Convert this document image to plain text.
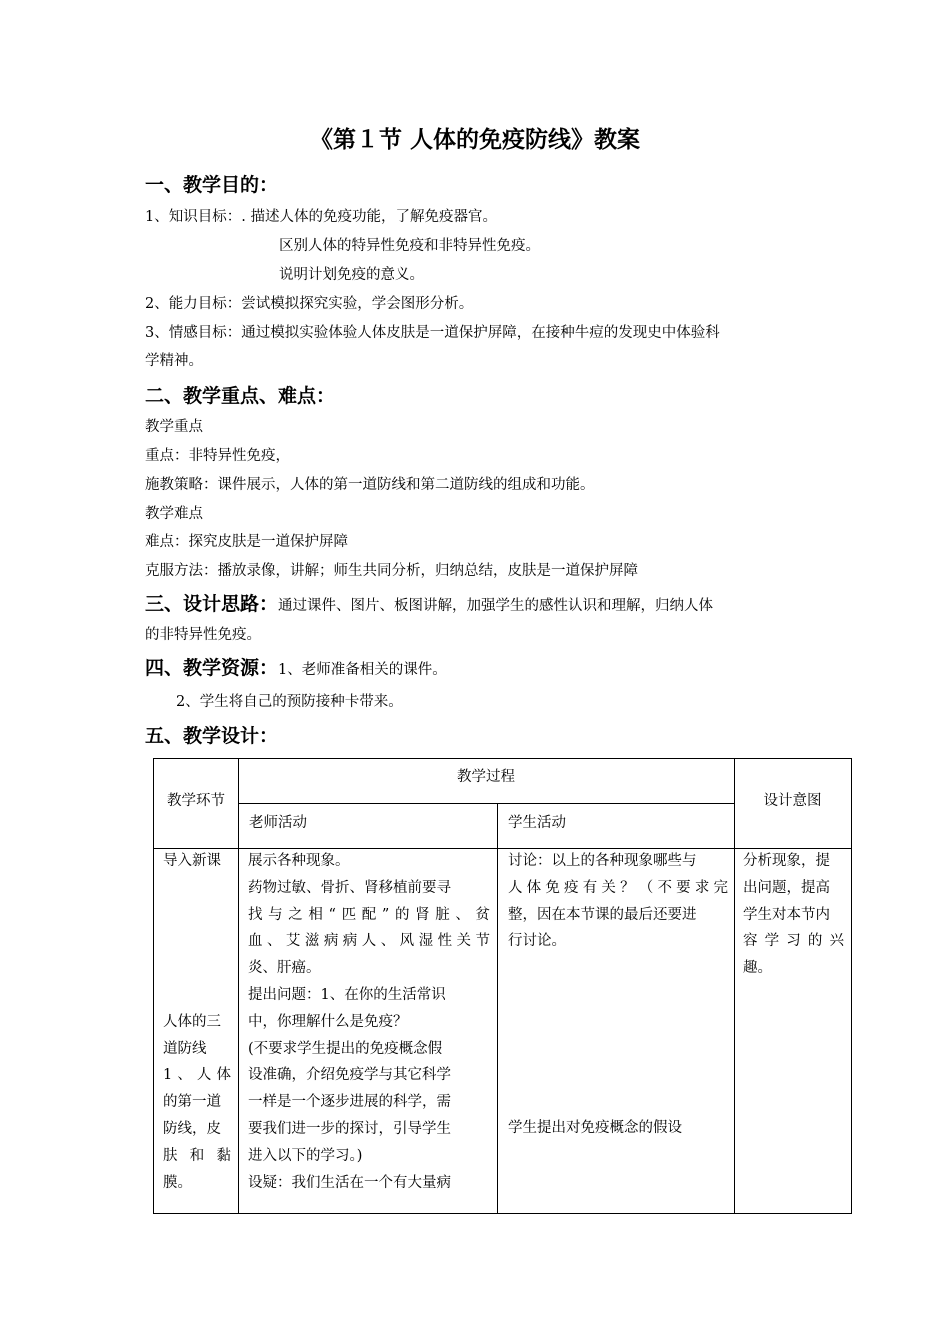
《第１节 人体的免疫防线》教案
一、教学目的：
1、知识目标：. 描述人体的免疫功能，了解免疫器官。
区别人体的特异性免疫和非特异性免疫。
说明计划免疫的意义。
2、能力目标：尝试模拟探究实验，学会图形分析。
3、情感目标：通过模拟实验体验人体皮肤是一道保护屏障，在接种牛痘的发现史中体验科
学精神。
二、教学重点、难点：
教学重点
重点：非特异性免疫，
施教策略：课件展示，人体的第一道防线和第二道防线的组成和功能。
教学难点
难点：探究皮肤是一道保护屏障
克服方法：播放录像，讲解；师生共同分析，归纳总结，皮肤是一道保护屏障
三、设计思路：通过课件、图片、板图讲解，加强学生的感性认识和理解，归纳人体
的非特异性免疫。
四、教学资源：1、老师准备相关的课件。
2、学生将自己的预防接种卡带来。
五、教学设计：
教学环节
教学过程
老师活动	学生活动
设计意图
导入新课
人体的三
道防线
1、人体
的第一道
防线，皮
肤和黏
膜。
展示各种现象。
药物过敏、骨折、肾移植前要寻
找与之相“匹配”的肾脏、贫
血、艾滋病病人、风湿性关节
炎、肝癌。
提出问题：1、在你的生活常识
中，你理解什么是免疫？
(不要求学生提出的免疫概念假
设准确，介绍免疫学与其它科学
一样是一个逐步进展的科学，需
要我们进一步的探讨，引导学生
进入以下的学习。)
设疑：我们生活在一个有大量病
讨论：以上的各种现象哪些与
人体免疫有关？（不要求完
整，因在本节课的最后还要进
行讨论。
学生提出对免疫概念的假设
分析现象，提
出问题，提高
学生对本节内
容学习的兴
趣。
